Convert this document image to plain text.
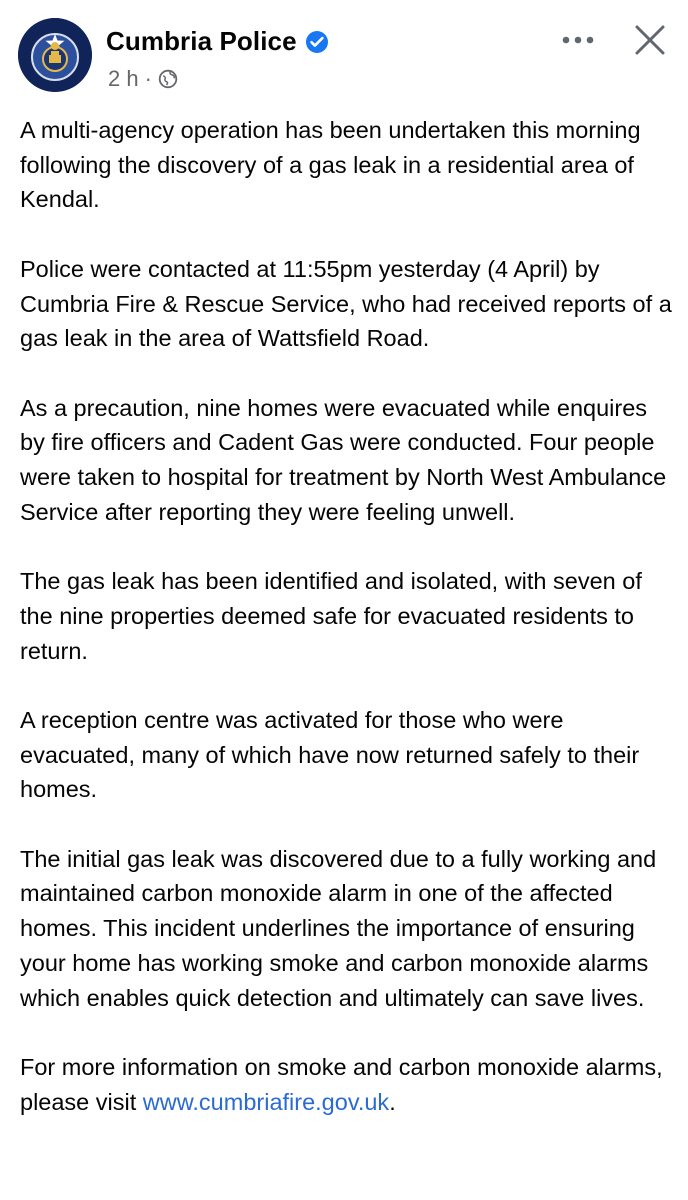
Cumbria Police
2 h ·

A multi-agency operation has been undertaken this morning following the discovery of a gas leak in a residential area of Kendal.

Police were contacted at 11:55pm yesterday (4 April) by Cumbria Fire & Rescue Service, who had received reports of a gas leak in the area of Wattsfield Road.

As a precaution, nine homes were evacuated while enquires by fire officers and Cadent Gas were conducted. Four people were taken to hospital for treatment by North West Ambulance Service after reporting they were feeling unwell.

The gas leak has been identified and isolated, with seven of the nine properties deemed safe for evacuated residents to return.

A reception centre was activated for those who were evacuated, many of which have now returned safely to their homes.

The initial gas leak was discovered due to a fully working and maintained carbon monoxide alarm in one of the affected homes. This incident underlines the importance of ensuring your home has working smoke and carbon monoxide alarms which enables quick detection and ultimately can save lives.

For more information on smoke and carbon monoxide alarms, please visit www.cumbriafire.gov.uk.
